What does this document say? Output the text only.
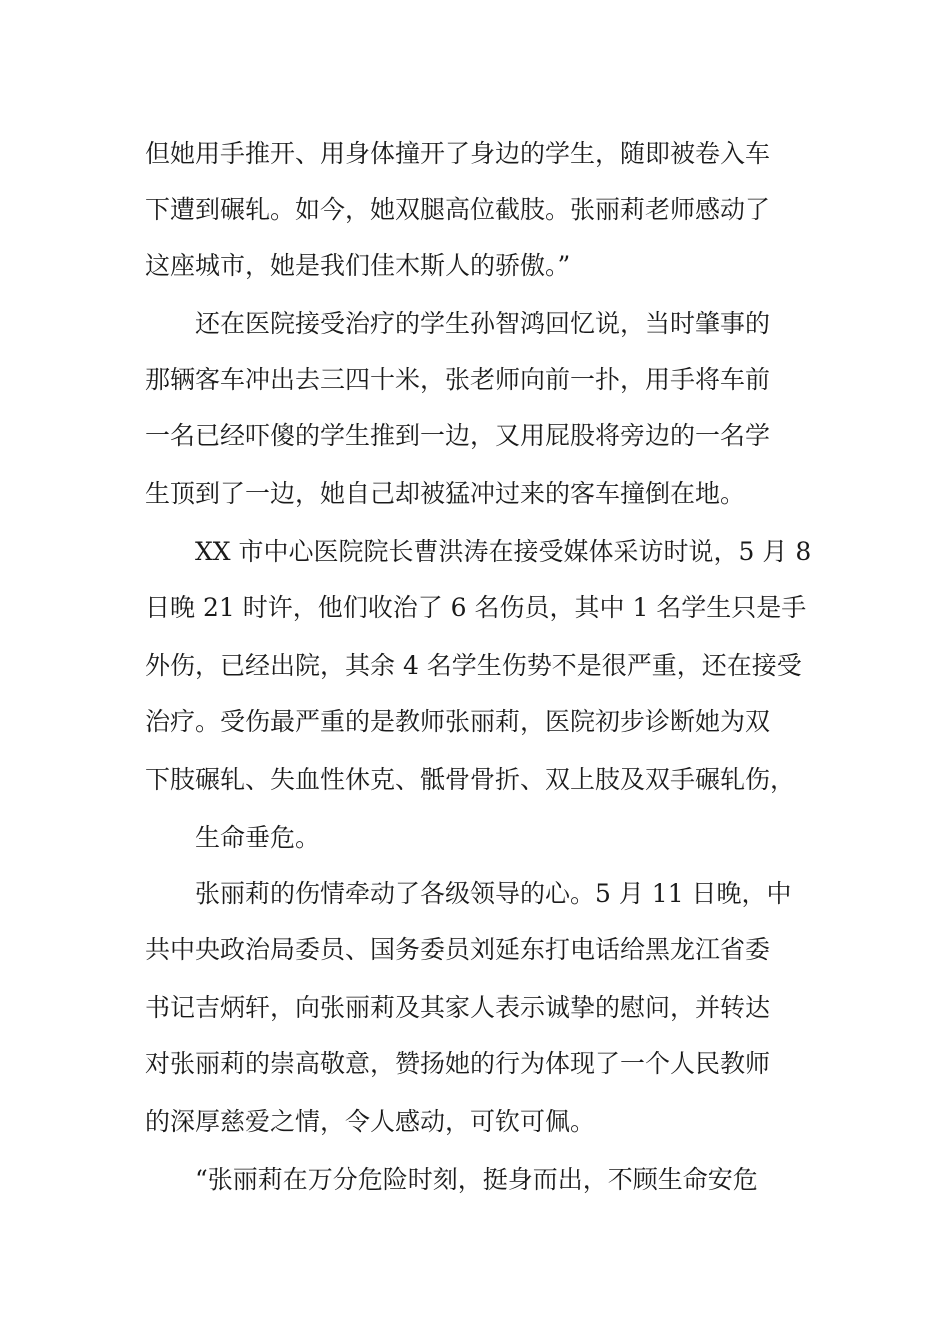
但她用手推开、用身体撞开了身边的学生，随即被卷入车

下遭到碾轧。如今，她双腿高位截肢。张丽莉老师感动了

这座城市，她是我们佳木斯人的骄傲。”

还在医院接受治疗的学生孙智鸿回忆说，当时肇事的

那辆客车冲出去三四十米，张老师向前一扑，用手将车前

一名已经吓傻的学生推到一边，又用屁股将旁边的一名学

生顶到了一边，她自己却被猛冲过来的客车撞倒在地。

XX 市中心医院院长曹洪涛在接受媒体采访时说，5 月 8

日晚 21 时许，他们收治了 6 名伤员，其中 1 名学生只是手

外伤，已经出院，其余 4 名学生伤势不是很严重，还在接受

治疗。受伤最严重的是教师张丽莉，医院初步诊断她为双

下肢碾轧、失血性休克、骶骨骨折、双上肢及双手碾轧伤，

生命垂危。

张丽莉的伤情牵动了各级领导的心。5 月 11 日晚，中

共中央政治局委员、国务委员刘延东打电话给黑龙江省委

书记吉炳轩，向张丽莉及其家人表示诚挚的慰问，并转达

对张丽莉的崇高敬意，赞扬她的行为体现了一个人民教师

的深厚慈爱之情，令人感动，可钦可佩。

“张丽莉在万分危险时刻，挺身而出，不顾生命安危
